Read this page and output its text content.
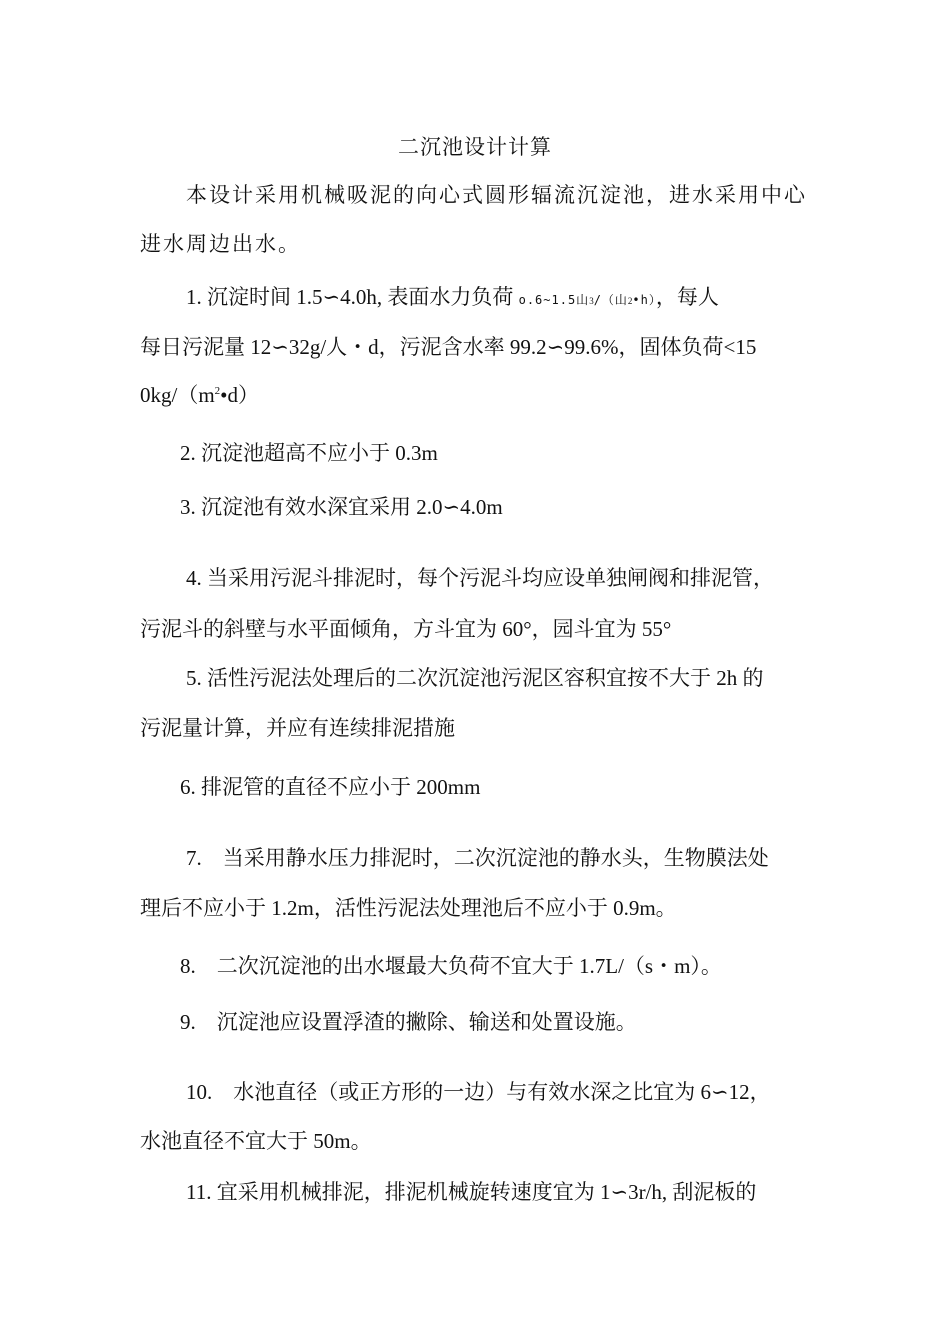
二沉池设计计算
本设计采用机械吸泥的向心式圆形辐流沉淀池，进水采用中心
进水周边出水。
1. 沉淀时间 1.5∽4.0h, 表面水力负荷 o.6~1.5山3/（山2•h），每人
每日污泥量 12∽32g/人・d，污泥含水率 99.2∽99.6%，固体负荷<15
$0kg/(m^2•d)$
2. 沉淀池超高不应小于 0.3m
3. 沉淀池有效水深宜采用 2.0∽4.0m
4. 当采用污泥斗排泥时，每个污泥斗均应设单独闸阀和排泥管，
污泥斗的斜壁与水平面倾角，方斗宜为 60°，园斗宜为 55°
5. 活性污泥法处理后的二次沉淀池污泥区容积宜按不大于 2h 的
污泥量计算，并应有连续排泥措施
6. 排泥管的直径不应小于 200mm
7.　当采用静水压力排泥时，二次沉淀池的静水头，生物膜法处
理后不应小于 1.2m，活性污泥法处理池后不应小于 0.9m。
8.　二次沉淀池的出水堰最大负荷不宜大于 1.7L/（s・m）。
9.　沉淀池应设置浮渣的撇除、输送和处置设施。
10.　水池直径（或正方形的一边）与有效水深之比宜为 6∽12，
水池直径不宜大于 50m。
11. 宜采用机械排泥，排泥机械旋转速度宜为 1∽3r/h, 刮泥板的
